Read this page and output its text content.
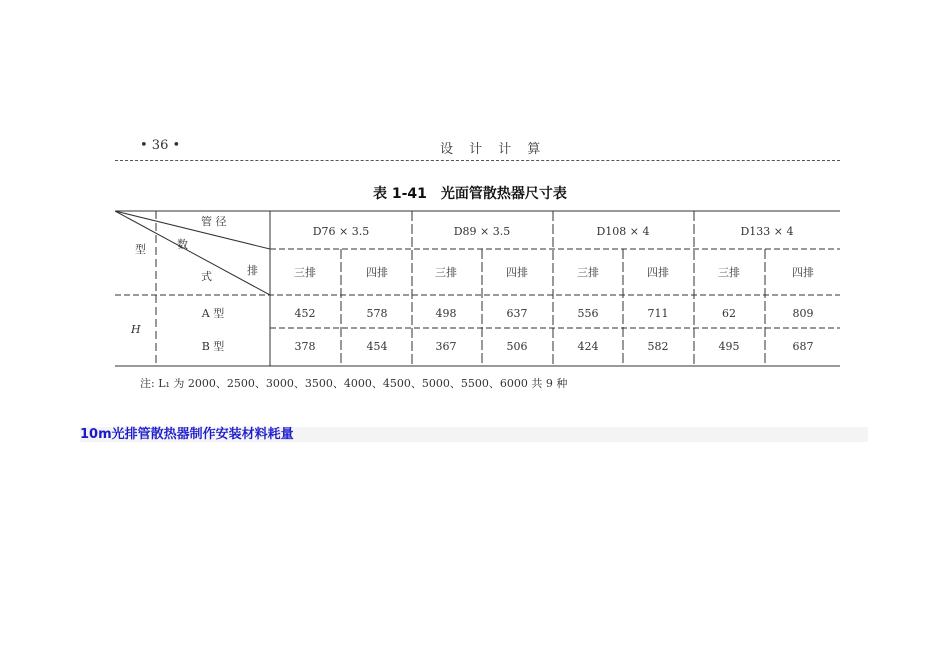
• 36 •	设 计 计 算
表 1-41 光面管散热器尺寸表
管 径
数
排
型
式
D76 × 3.5	D89 × 3.5	D108 × 4	D133 × 4
三排	四排	三排	四排	三排	四排	三排	四排
H
A 型	452	578	498	637	556	711	62	809
B 型	378	454	367	506	424	582	495	687
注: L₁ 为 2000、2500、3000、3500、4000、4500、5000、5500、6000 共 9 种
10m光排管散热器制作安装材料耗量
